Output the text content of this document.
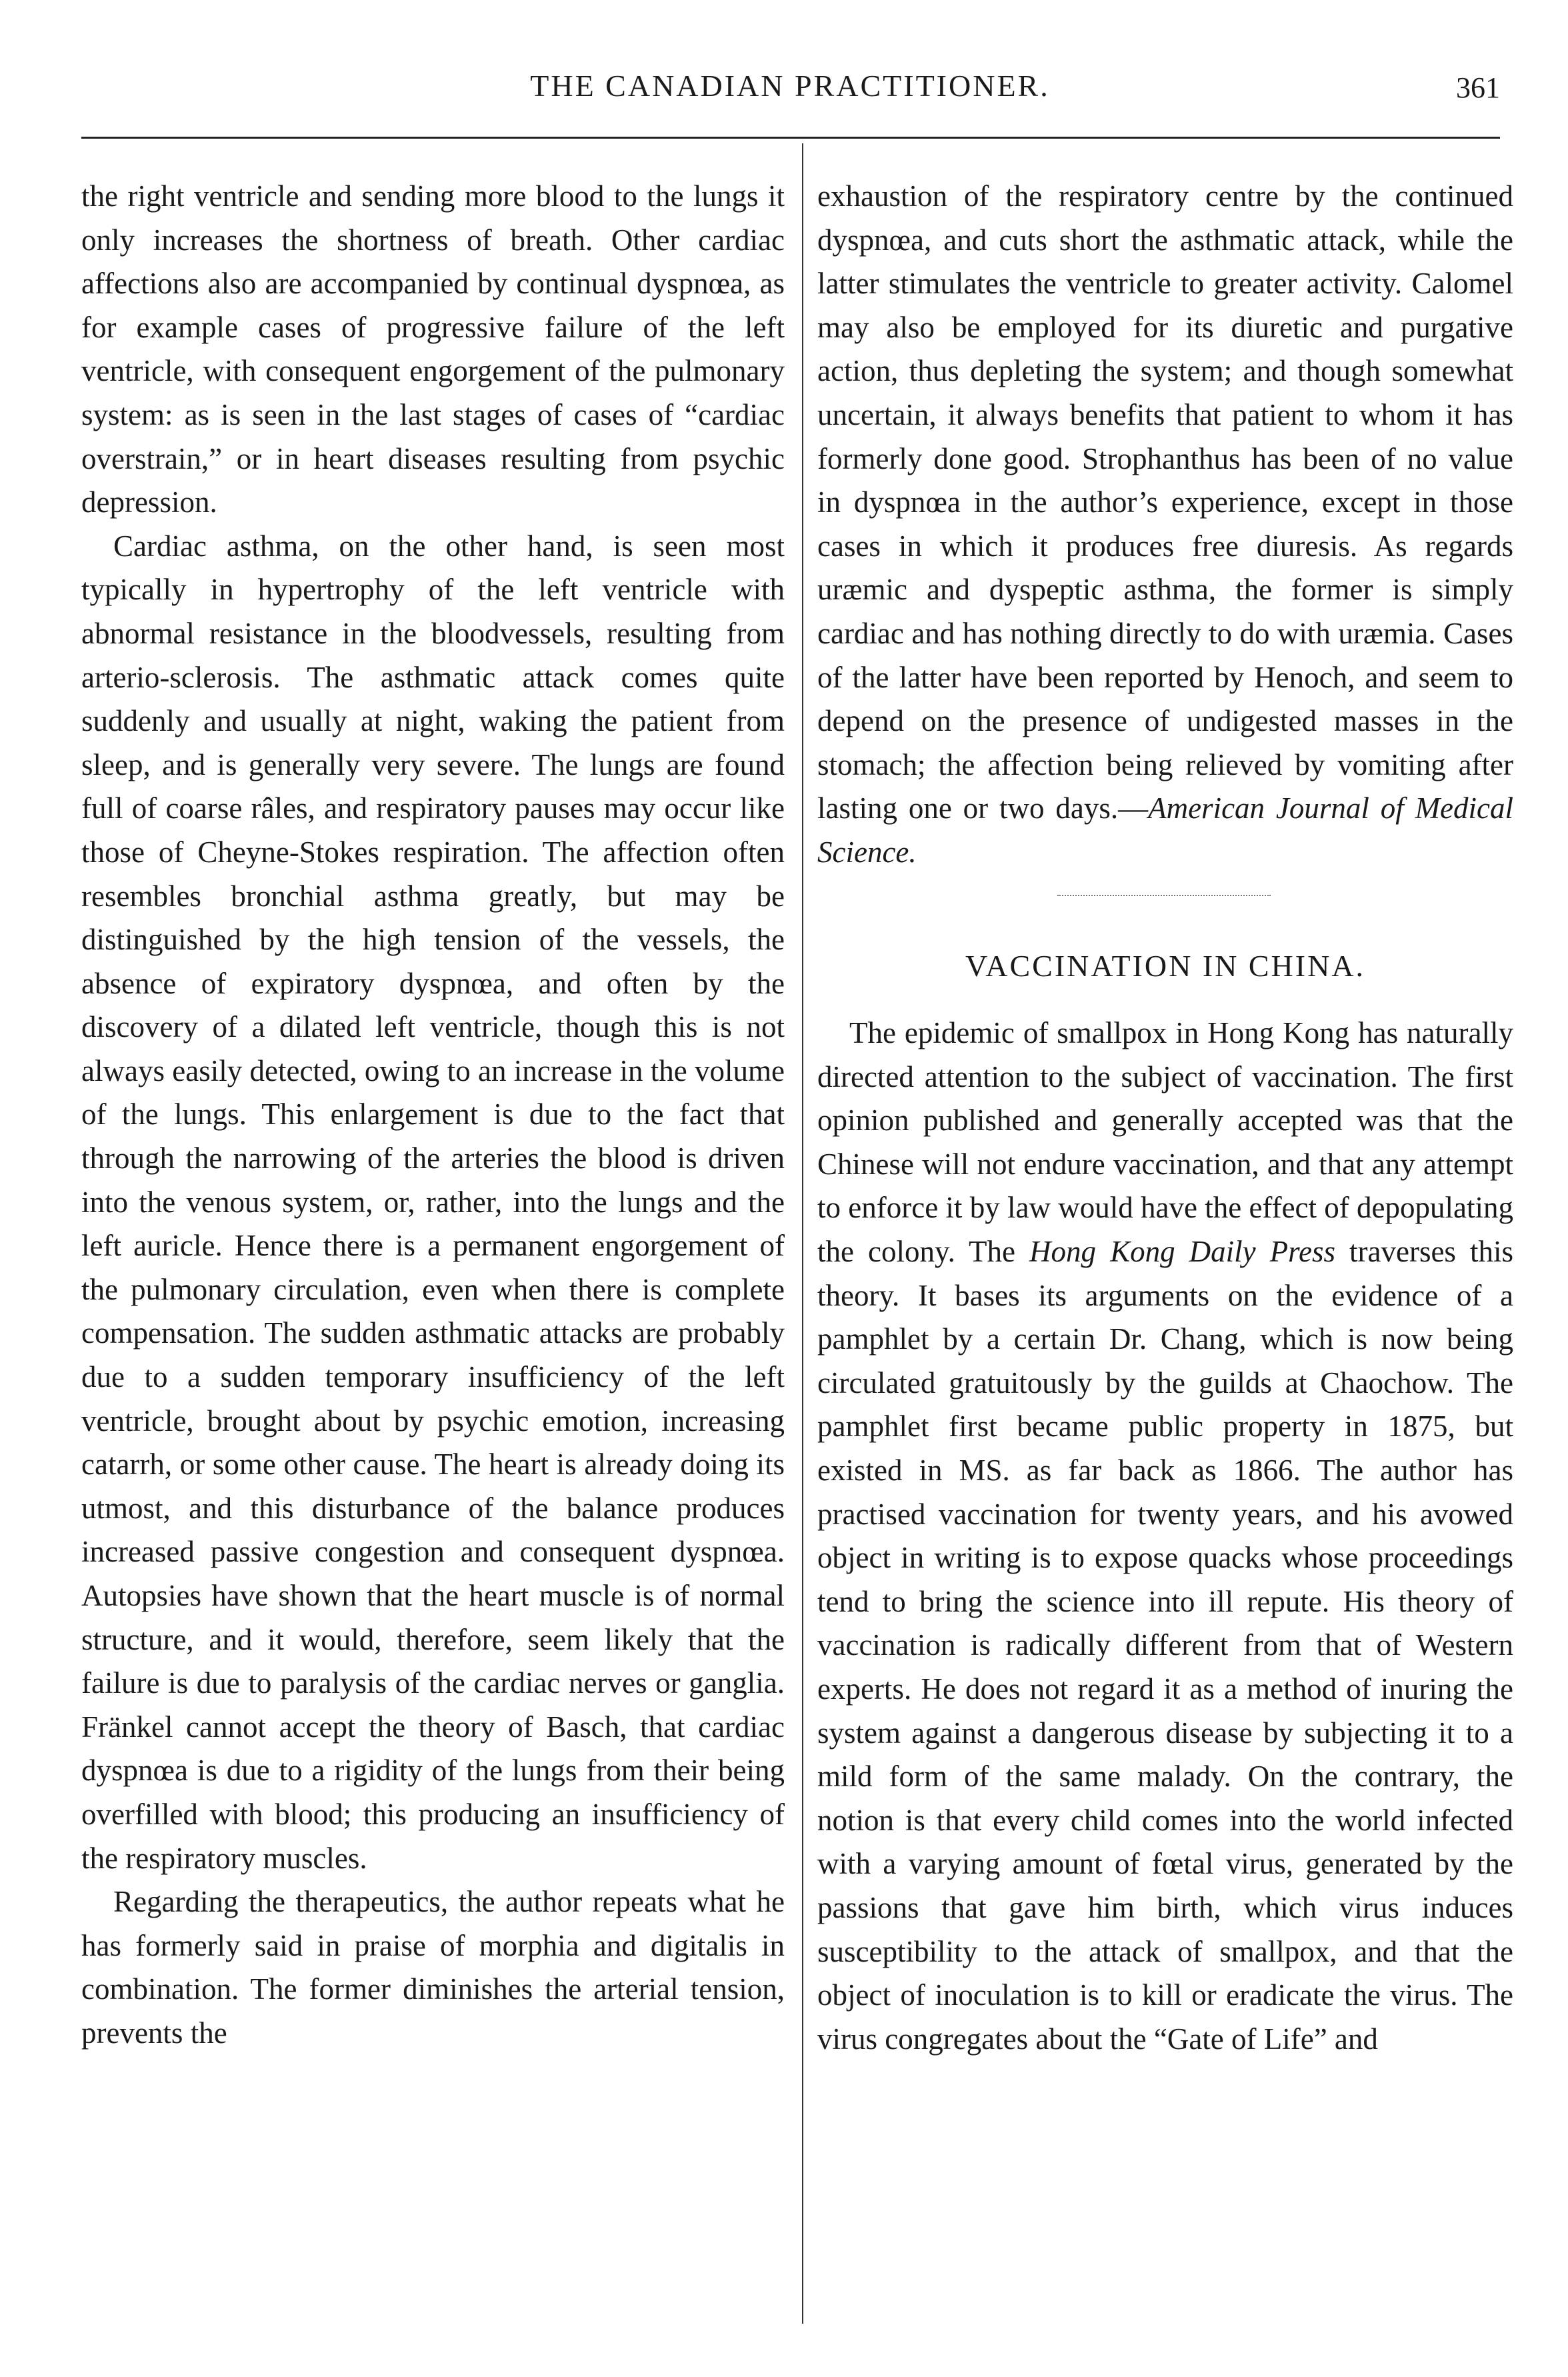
THE CANADIAN PRACTITIONER.	361

the right ventricle and sending more blood to the lungs it only increases the shortness of breath. Other cardiac affections also are accompanied by continual dyspnœa, as for example cases of progressive failure of the left ventricle, with consequent engorgement of the pulmonary system: as is seen in the last stages of cases of “cardiac overstrain,” or in heart diseases resulting from psychic depression.

Cardiac asthma, on the other hand, is seen most typically in hypertrophy of the left ventricle with abnormal resistance in the bloodvessels, resulting from arterio-sclerosis. The asthmatic attack comes quite suddenly and usually at night, waking the patient from sleep, and is generally very severe. The lungs are found full of coarse râles, and respiratory pauses may occur like those of Cheyne-Stokes respiration. The affection often resembles bronchial asthma greatly, but may be distinguished by the high tension of the vessels, the absence of expiratory dyspnœa, and often by the discovery of a dilated left ventricle, though this is not always easily detected, owing to an increase in the volume of the lungs. This enlargement is due to the fact that through the narrowing of the arteries the blood is driven into the venous system, or, rather, into the lungs and the left auricle. Hence there is a permanent engorgement of the pulmonary circulation, even when there is complete compensation. The sudden asthmatic attacks are probably due to a sudden temporary insufficiency of the left ventricle, brought about by psychic emotion, increasing catarrh, or some other cause. The heart is already doing its utmost, and this disturbance of the balance produces increased passive congestion and consequent dyspnœa. Autopsies have shown that the heart muscle is of normal structure, and it would, therefore, seem likely that the failure is due to paralysis of the cardiac nerves or ganglia. Fränkel cannot accept the theory of Basch, that cardiac dyspnœa is due to a rigidity of the lungs from their being overfilled with blood; this producing an insufficiency of the respiratory muscles.

Regarding the therapeutics, the author repeats what he has formerly said in praise of morphia and digitalis in combination. The former diminishes the arterial tension, prevents the

exhaustion of the respiratory centre by the continued dyspnœa, and cuts short the asthmatic attack, while the latter stimulates the ventricle to greater activity. Calomel may also be employed for its diuretic and purgative action, thus depleting the system; and though somewhat uncertain, it always benefits that patient to whom it has formerly done good. Strophanthus has been of no value in dyspnœa in the author’s experience, except in those cases in which it produces free diuresis. As regards uræmic and dyspeptic asthma, the former is simply cardiac and has nothing directly to do with uræmia. Cases of the latter have been reported by Henoch, and seem to depend on the presence of undigested masses in the stomach; the affection being relieved by vomiting after lasting one or two days.—American Journal of Medical Science.

VACCINATION IN CHINA.

The epidemic of smallpox in Hong Kong has naturally directed attention to the subject of vaccination. The first opinion published and generally accepted was that the Chinese will not endure vaccination, and that any attempt to enforce it by law would have the effect of depopulating the colony. The Hong Kong Daily Press traverses this theory. It bases its arguments on the evidence of a pamphlet by a certain Dr. Chang, which is now being circulated gratuitously by the guilds at Chaochow. The pamphlet first became public property in 1875, but existed in MS. as far back as 1866. The author has practised vaccination for twenty years, and his avowed object in writing is to expose quacks whose proceedings tend to bring the science into ill repute. His theory of vaccination is radically different from that of Western experts. He does not regard it as a method of inuring the system against a dangerous disease by subjecting it to a mild form of the same malady. On the contrary, the notion is that every child comes into the world infected with a varying amount of fœtal virus, generated by the passions that gave him birth, which virus induces susceptibility to the attack of smallpox, and that the object of inoculation is to kill or eradicate the virus. The virus congregates about the “Gate of Life” and
